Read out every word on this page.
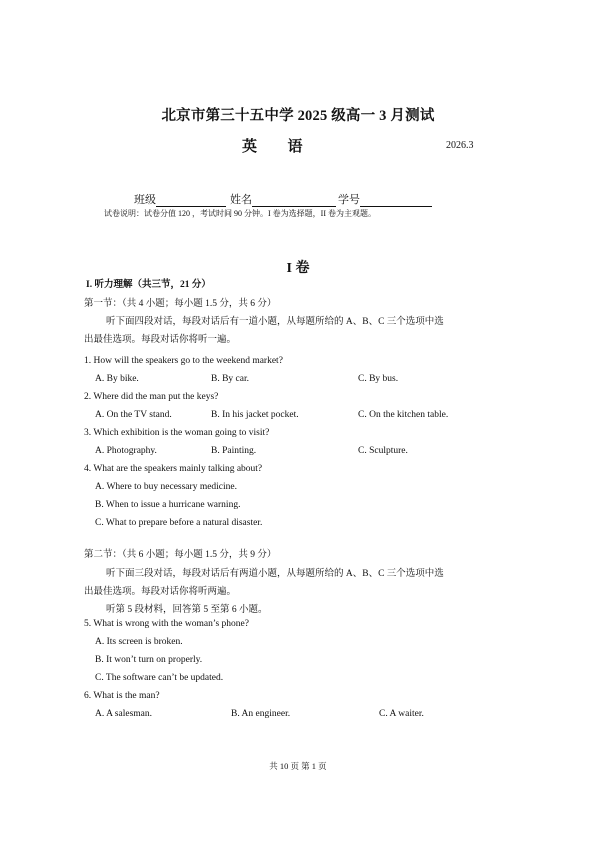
北京市第三十五中学 2025 级高一 3 月测试
英 语	2026.3
班级	姓名	学号
试卷说明：试卷分值 120 ，考试时间 90 分钟。I 卷为选择题，II 卷为主观题。
I 卷
I. 听力理解（共三节，21 分）
第一节：（共 4 小题；每小题 1.5 分，共 6 分）
听下面四段对话，每段对话后有一道小题，从每题所给的 A、B、C 三个选项中选
出最佳选项。每段对话你将听一遍。
1. How will the speakers go to the weekend market?
A. By bike.	B. By car.	C. By bus.
2. Where did the man put the keys?
A. On the TV stand.	B. In his jacket pocket.	C. On the kitchen table.
3. Which exhibition is the woman going to visit?
A. Photography.	B. Painting.	C. Sculpture.
4. What are the speakers mainly talking about?
A. Where to buy necessary medicine.
B. When to issue a hurricane warning.
C. What to prepare before a natural disaster.
第二节：（共 6 小题；每小题 1.5 分，共 9 分）
听下面三段对话，每段对话后有两道小题，从每题所给的 A、B、C 三个选项中选
出最佳选项。每段对话你将听两遍。
听第 5 段材料，回答第 5 至第 6 小题。
5. What is wrong with the woman’s phone?
A. Its screen is broken.
B. It won’t turn on properly.
C. The software can’t be updated.
6. What is the man?
A. A salesman.	B. An engineer.	C. A waiter.
共 10 页 第 1 页
